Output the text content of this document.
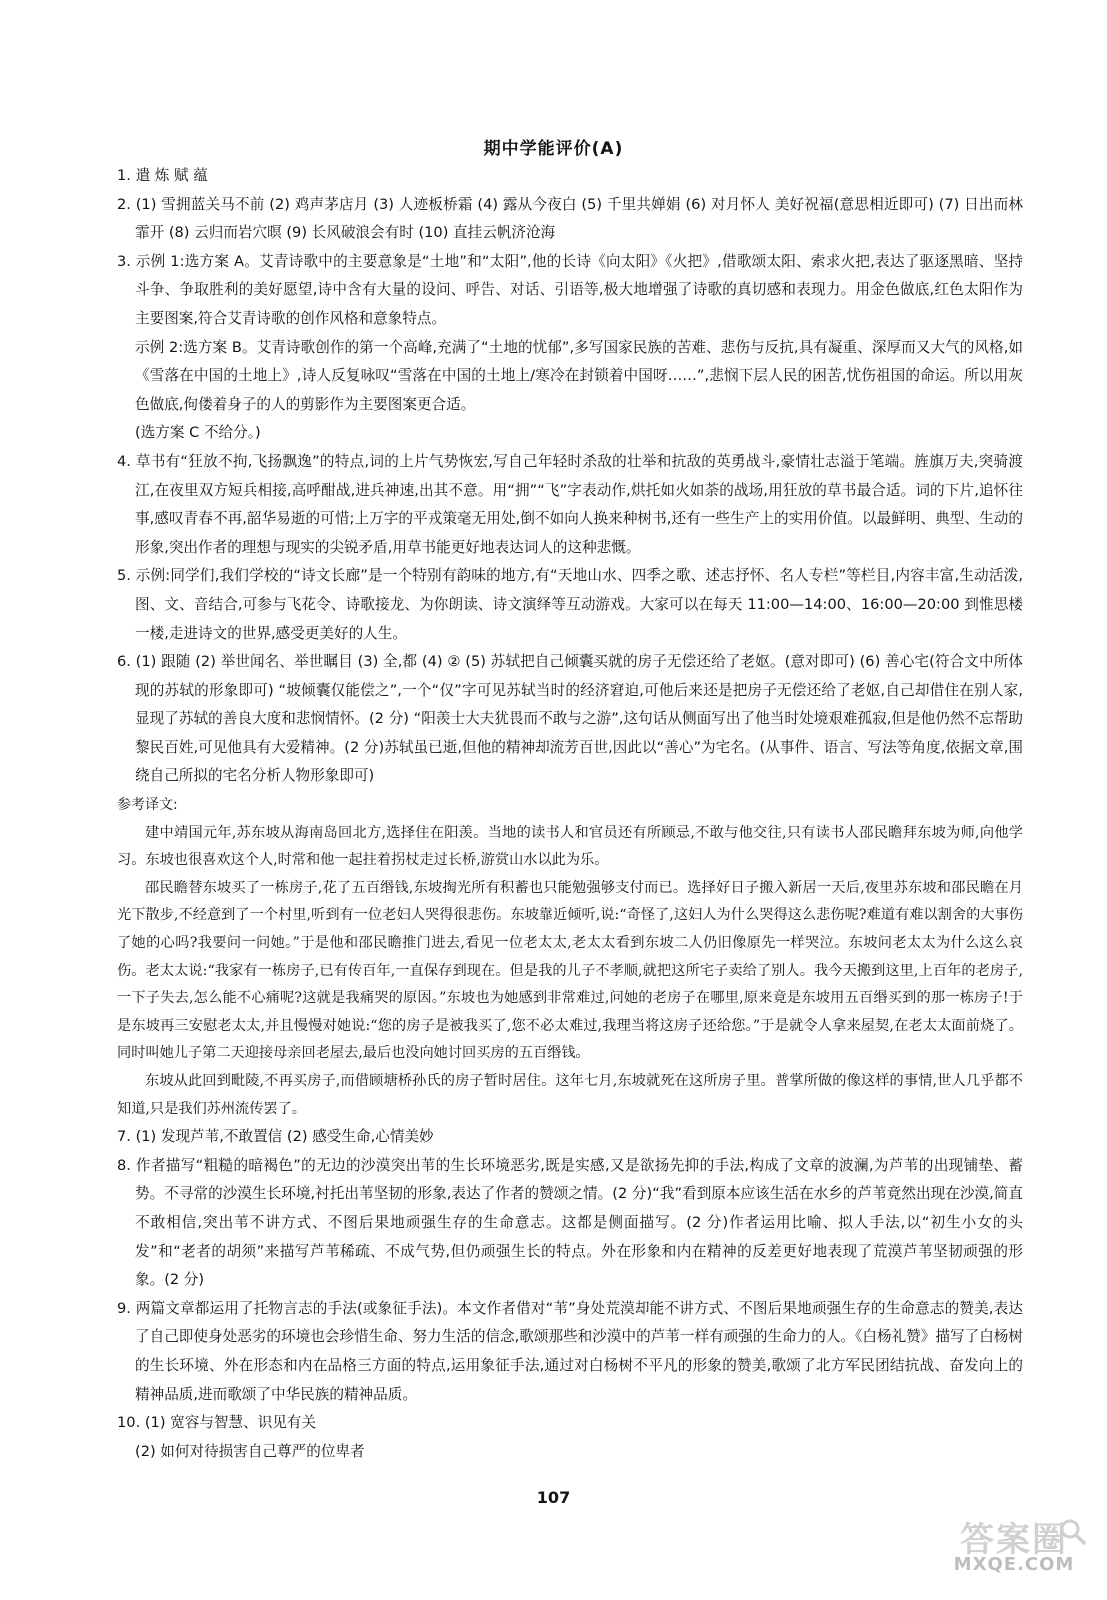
期中学能评价(A)

1. 遣 炼 赋 蕴

2. (1) 雪拥蓝关马不前 (2) 鸡声茅店月 (3) 人迹板桥霜 (4) 露从今夜白 (5) 千里共婵娟 (6) 对月怀人 美好祝福(意思相近即可) (7) 日出而林霏开 (8) 云归而岩穴暝 (9) 长风破浪会有时 (10) 直挂云帆济沧海

3. 示例 1:选方案 A。艾青诗歌中的主要意象是“土地”和“太阳”,他的长诗《向太阳》《火把》,借歌颂太阳、索求火把,表达了驱逐黑暗、坚持斗争、争取胜利的美好愿望,诗中含有大量的设问、呼告、对话、引语等,极大地增强了诗歌的真切感和表现力。用金色做底,红色太阳作为主要图案,符合艾青诗歌的创作风格和意象特点。

示例 2:选方案 B。艾青诗歌创作的第一个高峰,充满了“土地的忧郁”,多写国家民族的苦难、悲伤与反抗,具有凝重、深厚而又大气的风格,如《雪落在中国的土地上》,诗人反复咏叹“雪落在中国的土地上/寒冷在封锁着中国呀……”,悲悯下层人民的困苦,忧伤祖国的命运。所以用灰色做底,佝偻着身子的人的剪影作为主要图案更合适。

(选方案 C 不给分。)

4. 草书有“狂放不拘,飞扬飘逸”的特点,词的上片气势恢宏,写自己年轻时杀敌的壮举和抗敌的英勇战斗,豪情壮志溢于笔端。旌旗万夫,突骑渡江,在夜里双方短兵相接,高呼酣战,进兵神速,出其不意。用“拥”“飞”字表动作,烘托如火如荼的战场,用狂放的草书最合适。词的下片,追怀往事,感叹青春不再,韶华易逝的可惜;上万字的平戎策毫无用处,倒不如向人换来种树书,还有一些生产上的实用价值。以最鲜明、典型、生动的形象,突出作者的理想与现实的尖锐矛盾,用草书能更好地表达词人的这种悲慨。

5. 示例:同学们,我们学校的“诗文长廊”是一个特别有韵味的地方,有“天地山水、四季之歌、述志抒怀、名人专栏”等栏目,内容丰富,生动活泼,图、文、音结合,可参与飞花令、诗歌接龙、为你朗读、诗文演绎等互动游戏。大家可以在每天 11:00—14:00、16:00—20:00 到惟思楼一楼,走进诗文的世界,感受更美好的人生。

6. (1) 跟随 (2) 举世闻名、举世瞩目 (3) 全,都 (4) ② (5) 苏轼把自己倾囊买就的房子无偿还给了老妪。(意对即可) (6) 善心宅(符合文中所体现的苏轼的形象即可) “坡倾囊仅能偿之”,一个“仅”字可见苏轼当时的经济窘迫,可他后来还是把房子无偿还给了老妪,自己却借住在别人家,显现了苏轼的善良大度和悲悯情怀。(2 分) “阳羡士大夫犹畏而不敢与之游”,这句话从侧面写出了他当时处境艰难孤寂,但是他仍然不忘帮助黎民百姓,可见他具有大爱精神。(2 分)苏轼虽已逝,但他的精神却流芳百世,因此以“善心”为宅名。(从事件、语言、写法等角度,依据文章,围绕自己所拟的宅名分析人物形象即可)

参考译文:

建中靖国元年,苏东坡从海南岛回北方,选择住在阳羡。当地的读书人和官员还有所顾忌,不敢与他交往,只有读书人邵民瞻拜东坡为师,向他学习。东坡也很喜欢这个人,时常和他一起拄着拐杖走过长桥,游赏山水以此为乐。

邵民瞻替东坡买了一栋房子,花了五百缗钱,东坡掏光所有积蓄也只能勉强够支付而已。选择好日子搬入新居一天后,夜里苏东坡和邵民瞻在月光下散步,不经意到了一个村里,听到有一位老妇人哭得很悲伤。东坡靠近倾听,说:“奇怪了,这妇人为什么哭得这么悲伤呢?难道有难以割舍的大事伤了她的心吗?我要问一问她。”于是他和邵民瞻推门进去,看见一位老太太,老太太看到东坡二人仍旧像原先一样哭泣。东坡问老太太为什么这么哀伤。老太太说:“我家有一栋房子,已有传百年,一直保存到现在。但是我的儿子不孝顺,就把这所宅子卖给了别人。我今天搬到这里,上百年的老房子,一下子失去,怎么能不心痛呢?这就是我痛哭的原因。”东坡也为她感到非常难过,问她的老房子在哪里,原来竟是东坡用五百缗买到的那一栋房子!于是东坡再三安慰老太太,并且慢慢对她说:“您的房子是被我买了,您不必太难过,我理当将这房子还给您。”于是就令人拿来屋契,在老太太面前烧了。同时叫她儿子第二天迎接母亲回老屋去,最后也没向她讨回买房的五百缗钱。

东坡从此回到毗陵,不再买房子,而借顾塘桥孙氏的房子暂时居住。这年七月,东坡就死在这所房子里。普掌所做的像这样的事情,世人几乎都不知道,只是我们苏州流传罢了。

7. (1) 发现芦苇,不敢置信 (2) 感受生命,心情美妙

8. 作者描写“粗糙的暗褐色”的无边的沙漠突出苇的生长环境恶劣,既是实感,又是欲扬先抑的手法,构成了文章的波澜,为芦苇的出现铺垫、蓄势。不寻常的沙漠生长环境,衬托出苇坚韧的形象,表达了作者的赞颂之情。(2 分)“我”看到原本应该生活在水乡的芦苇竟然出现在沙漠,简直不敢相信,突出苇不讲方式、不图后果地顽强生存的生命意志。这都是侧面描写。(2 分)作者运用比喻、拟人手法,以“初生小女的头发”和“老者的胡须”来描写芦苇稀疏、不成气势,但仍顽强生长的特点。外在形象和内在精神的反差更好地表现了荒漠芦苇坚韧顽强的形象。(2 分)

9. 两篇文章都运用了托物言志的手法(或象征手法)。本文作者借对“苇”身处荒漠却能不讲方式、不图后果地顽强生存的生命意志的赞美,表达了自己即使身处恶劣的环境也会珍惜生命、努力生活的信念,歌颂那些和沙漠中的芦苇一样有顽强的生命力的人。《白杨礼赞》描写了白杨树的生长环境、外在形态和内在品格三方面的特点,运用象征手法,通过对白杨树不平凡的形象的赞美,歌颂了北方军民团结抗战、奋发向上的精神品质,进而歌颂了中华民族的精神品质。

10. (1) 宽容与智慧、识见有关

(2) 如何对待损害自己尊严的位卑者

107
答案圈
MXQE.COM
